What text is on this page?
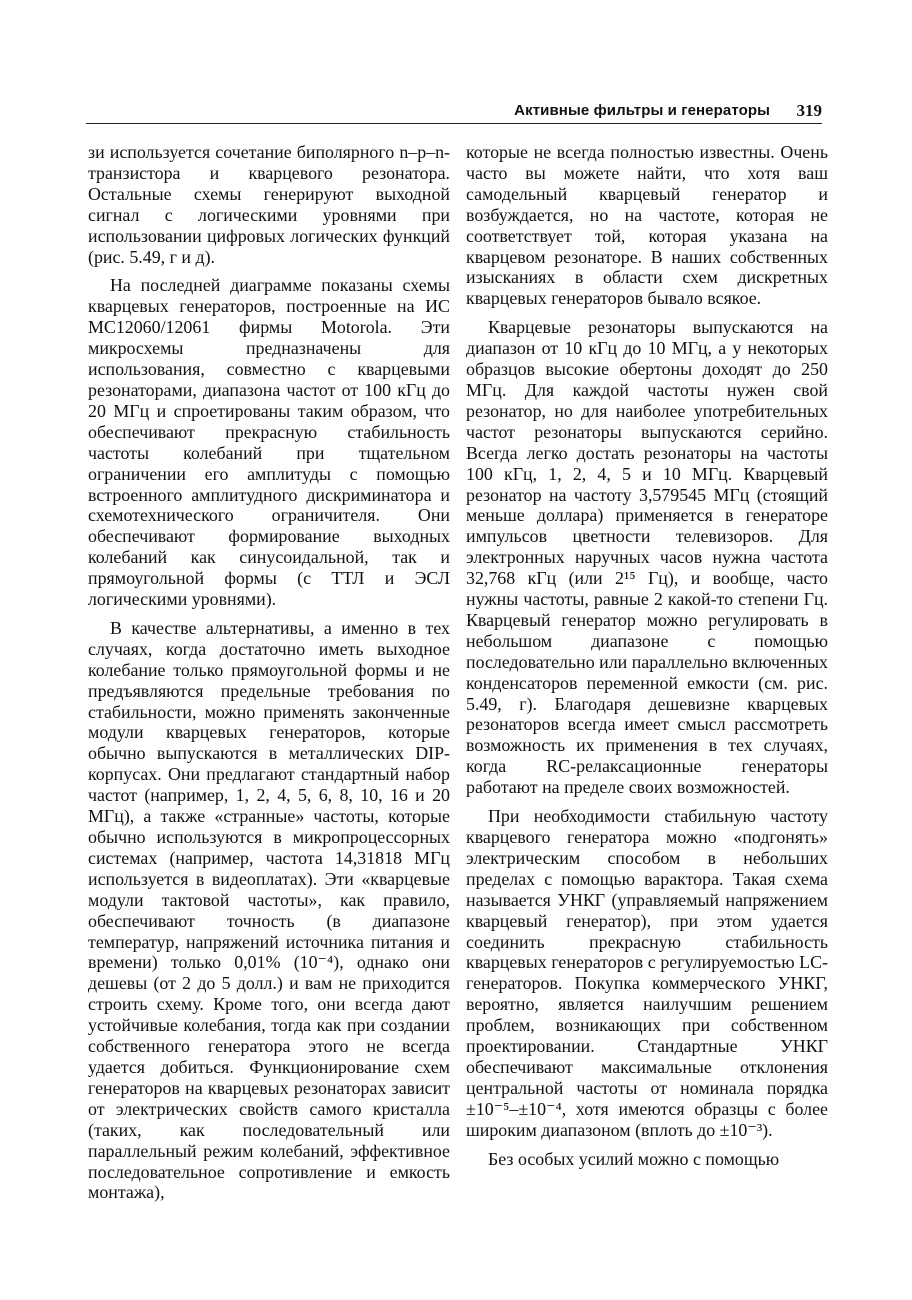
Активные фильтры и генераторы 319

зи используется сочетание биполярного n–p–n-транзистора и кварцевого резонатора. Остальные схемы генерируют выходной сигнал с логическими уровнями при использовании цифровых логических функций (рис. 5.49, г и д).

На последней диаграмме показаны схемы кварцевых генераторов, построенные на ИС МС12060/12061 фирмы Motorola. Эти микросхемы предназначены для использования, совместно с кварцевыми резонаторами, диапазона частот от 100 кГц до 20 МГц и спроетированы таким образом, что обеспечивают прекрасную стабильность частоты колебаний при тщательном ограничении его амплитуды с помощью встроенного амплитудного дискриминатора и схемотехнического ограничителя. Они обеспечивают формирование выходных колебаний как синусоидальной, так и прямоугольной формы (с ТТЛ и ЭСЛ логическими уровнями).

В качестве альтернативы, а именно в тех случаях, когда достаточно иметь выходное колебание только прямоугольной формы и не предъявляются предельные требования по стабильности, можно применять законченные модули кварцевых генераторов, которые обычно выпускаются в металлических DIP-корпусах. Они предлагают стандартный набор частот (например, 1, 2, 4, 5, 6, 8, 10, 16 и 20 МГц), а также «странные» частоты, которые обычно используются в микропроцессорных системах (например, частота 14,31818 МГц используется в видеоплатах). Эти «кварцевые модули тактовой частоты», как правило, обеспечивают точность (в диапазоне температур, напряжений источника питания и времени) только 0,01% (10⁻⁴), однако они дешевы (от 2 до 5 долл.) и вам не приходится строить схему. Кроме того, они всегда дают устойчивые колебания, тогда как при создании собственного генератора этого не всегда удается добиться. Функционирование схем генераторов на кварцевых резонаторах зависит от электрических свойств самого кристалла (таких, как последовательный или параллельный режим колебаний, эффективное последовательное сопротивление и емкость монтажа),

которые не всегда полностью известны. Очень часто вы можете найти, что хотя ваш самодельный кварцевый генератор и возбуждается, но на частоте, которая не соответствует той, которая указана на кварцевом резонаторе. В наших собственных изысканиях в области схем дискретных кварцевых генераторов бывало всякое.

Кварцевые резонаторы выпускаются на диапазон от 10 кГц до 10 МГц, а у некоторых образцов высокие обертоны доходят до 250 МГц. Для каждой частоты нужен свой резонатор, но для наиболее употребительных частот резонаторы выпускаются серийно. Всегда легко достать резонаторы на частоты 100 кГц, 1, 2, 4, 5 и 10 МГц. Кварцевый резонатор на частоту 3,579545 МГц (стоящий меньше доллара) применяется в генераторе импульсов цветности телевизоров. Для электронных наручных часов нужна частота 32,768 кГц (или 2¹⁵ Гц), и вообще, часто нужны частоты, равные 2 какой-то степени Гц. Кварцевый генератор можно регулировать в небольшом диапазоне с помощью последовательно или параллельно включенных конденсаторов переменной емкости (см. рис. 5.49, г). Благодаря дешевизне кварцевых резонаторов всегда имеет смысл рассмотреть возможность их применения в тех случаях, когда RC-релаксационные генераторы работают на пределе своих возможностей.

При необходимости стабильную частоту кварцевого генератора можно «подгонять» электрическим способом в небольших пределах с помощью варактора. Такая схема называется УНКГ (управляемый напряжением кварцевый генератор), при этом удается соединить прекрасную стабильность кварцевых генераторов с регулируемостью LC-генераторов. Покупка коммерческого УНКГ, вероятно, является наилучшим решением проблем, возникающих при собственном проектировании. Стандартные УНКГ обеспечивают максимальные отклонения центральной частоты от номинала порядка ±10⁻⁵–±10⁻⁴, хотя имеются образцы с более широким диапазоном (вплоть до ±10⁻³).

Без особых усилий можно с помощью
